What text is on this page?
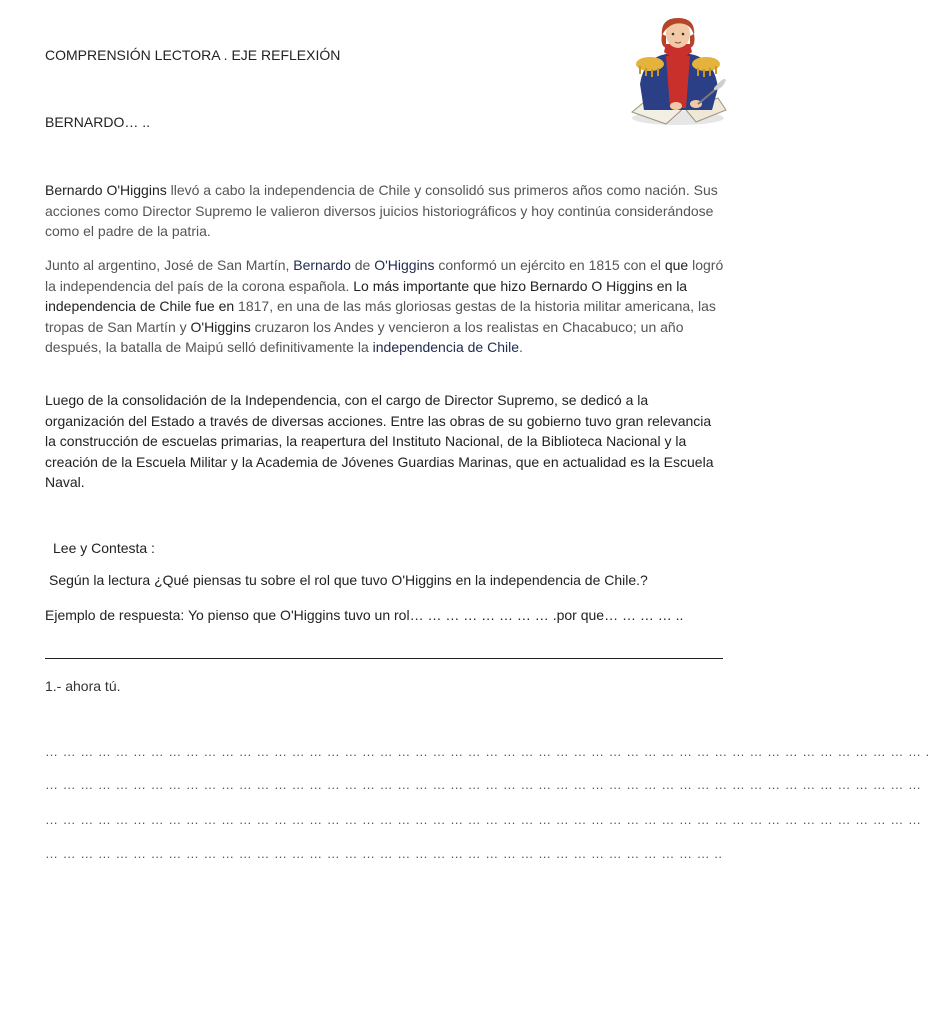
COMPRENSIÓN LECTORA . EJE REFLEXIÓN
BERNARDO… ..

Bernardo O'Higgins llevó a cabo la independencia de Chile y consolidó sus primeros años como nación. Sus acciones como Director Supremo le valieron diversos juicios historiográficos y hoy continúa considerándose como el padre de la patria.

Junto al argentino, José de San Martín, Bernardo de O'Higgins conformó un ejército en 1815 con el que logró la independencia del país de la corona española. Lo más importante que hizo Bernardo O Higgins en la independencia de Chile fue en 1817, en una de las más gloriosas gestas de la historia militar americana, las tropas de San Martín y O'Higgins cruzaron los Andes y vencieron a los realistas en Chacabuco; un año después, la batalla de Maipú selló definitivamente la independencia de Chile.

Luego de la consolidación de la Independencia, con el cargo de Director Supremo, se dedicó a la organización del Estado a través de diversas acciones. Entre las obras de su gobierno tuvo gran relevancia la construcción de escuelas primarias, la reapertura del Instituto Nacional, de la Biblioteca Nacional y la creación de la Escuela Militar y la Academia de Jóvenes Guardias Marinas, que en actualidad es la Escuela Naval.

Lee y Contesta :
Según la lectura ¿Qué piensas tu sobre el rol que tuvo O'Higgins en la independencia de Chile.?
Ejemplo de respuesta: Yo pienso que O'Higgins tuvo un rol… … … … … … … … .por que… … … … ..
1.- ahora tú.
… … … … … … … … … … … … … … … … … … … … … … … … … … … … … … … … … … … … … … … … … … … … … … … … … … .
… … … … … … … … … … … … … … … … … … … … … … … … … … … … … … … … … … … … … … … … … … … … … … … … … …
… … … … … … … … … … … … … … … … … … … … … … … … … … … … … … … … … … … … … … … … … … … … … … … … … …
… … … … … … … … … … … … … … … … … … … … … … … … … … … … … … … … … … … … … … ..
